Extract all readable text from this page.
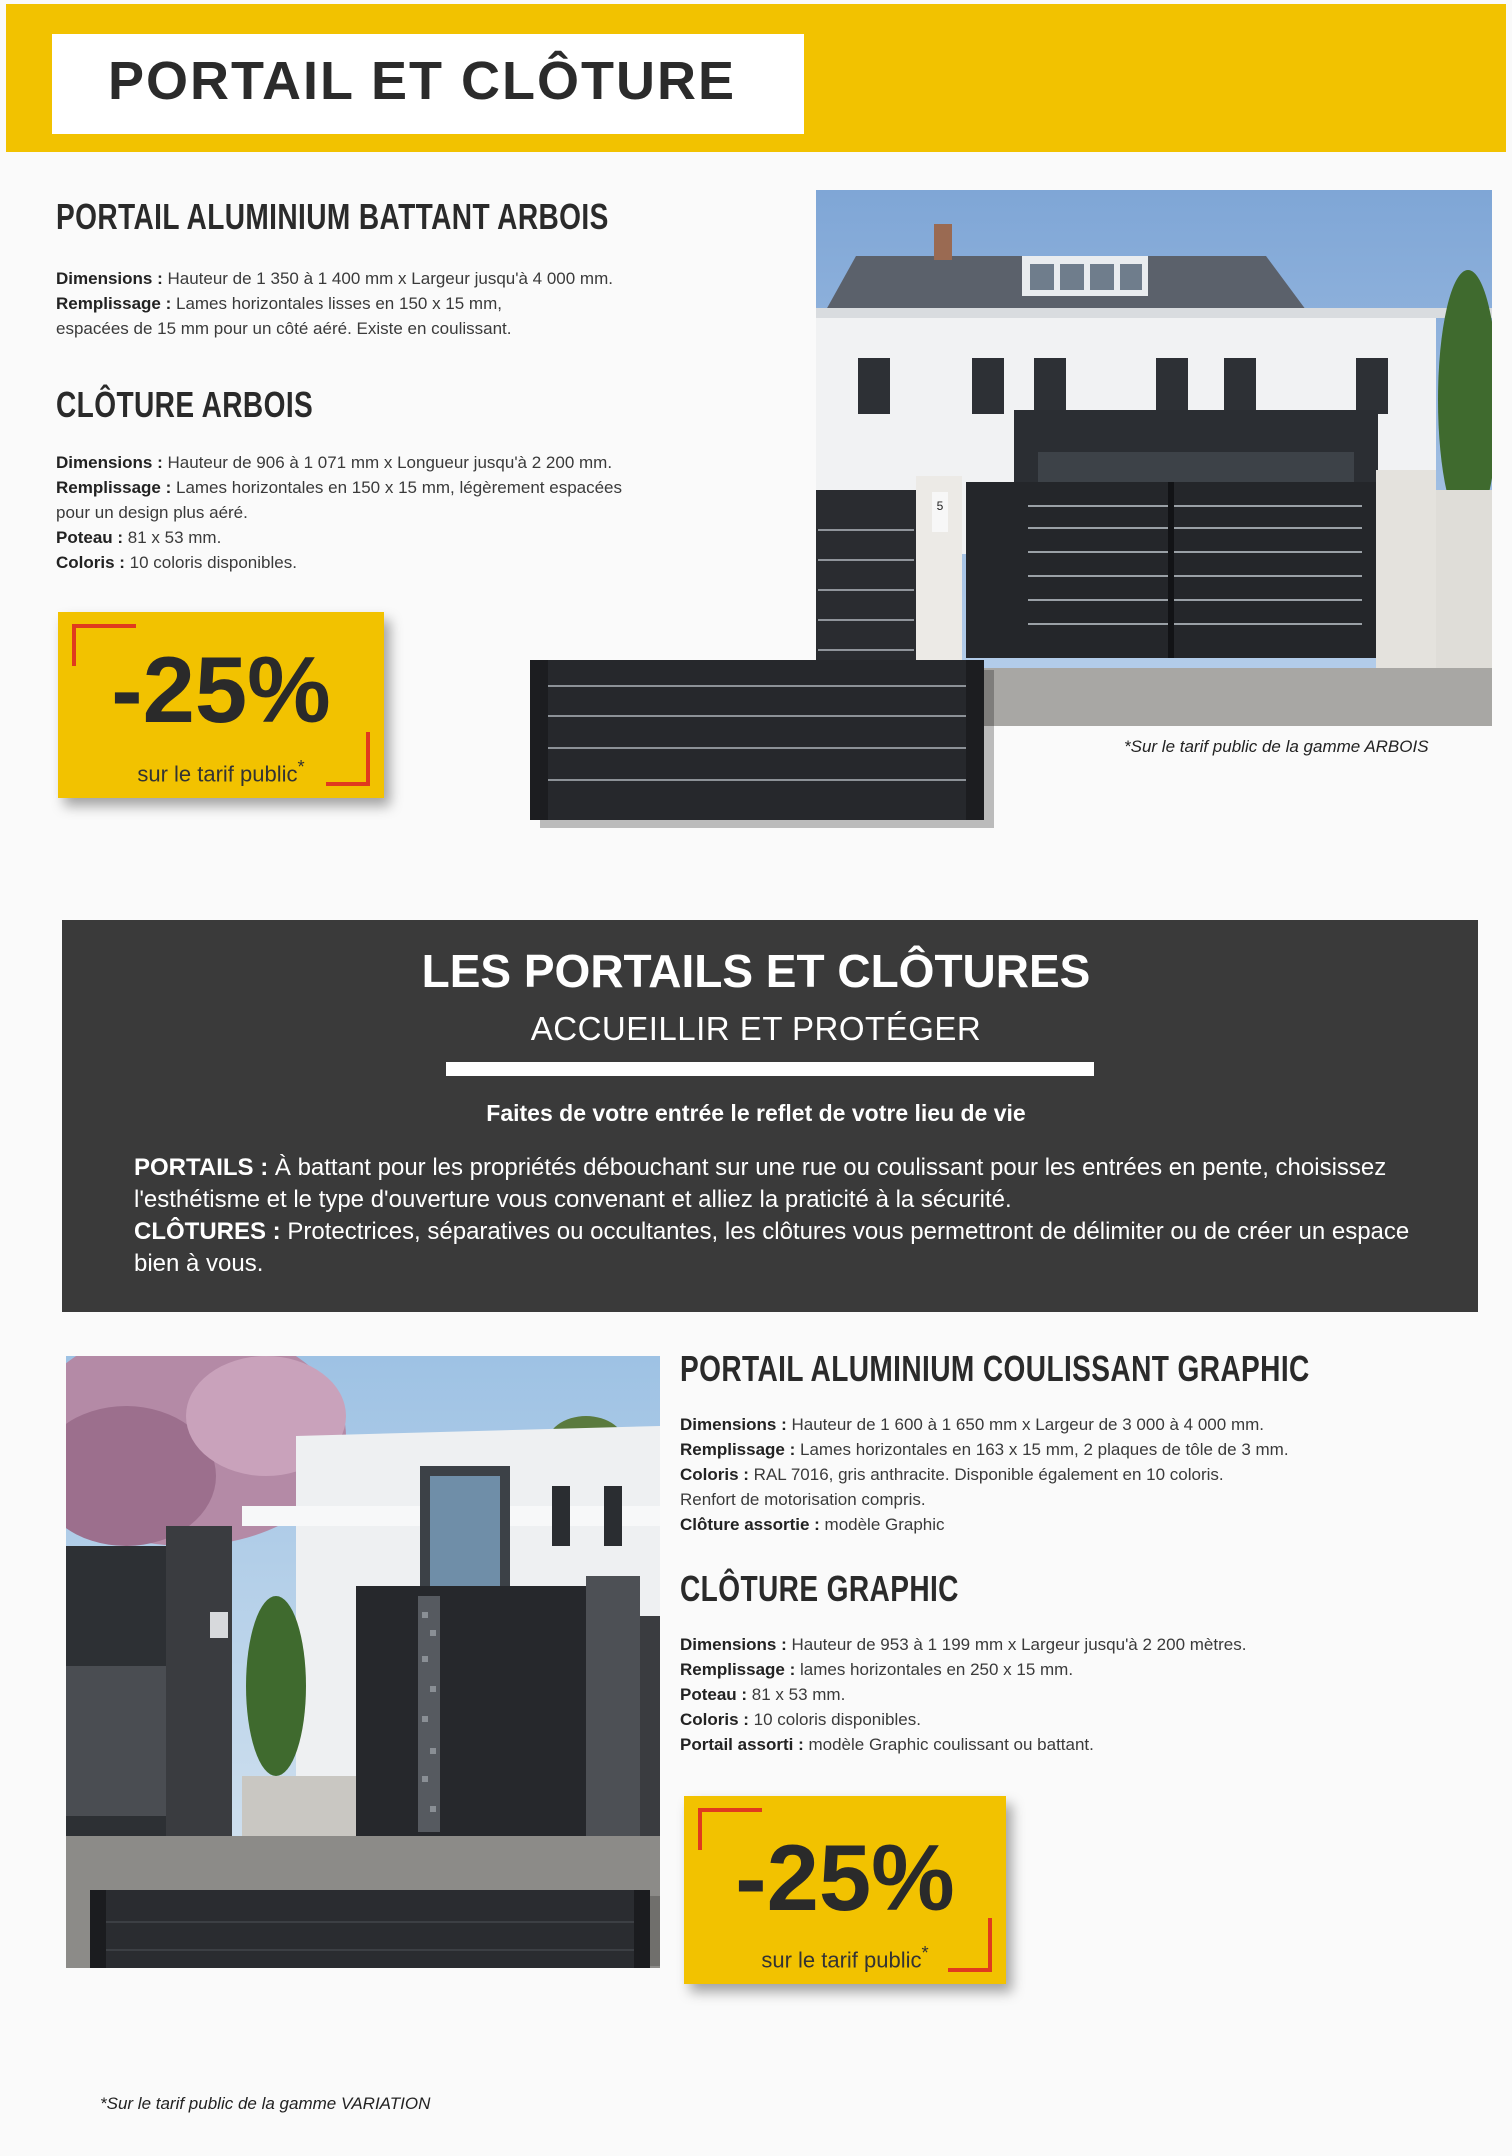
PORTAIL ET CLÔTURE
PORTAIL ALUMINIUM BATTANT ARBOIS
Dimensions : Hauteur de 1 350 à 1 400 mm x Largeur jusqu'à 4 000 mm.
Remplissage : Lames horizontales lisses en 150 x 15 mm,
espacées de 15 mm pour un côté aéré. Existe en coulissant.
CLÔTURE ARBOIS
Dimensions : Hauteur de 906 à 1 071 mm x Longueur jusqu'à 2 200 mm.
Remplissage : Lames horizontales en 150 x 15 mm, légèrement espacées
pour un design plus aéré.
Poteau : 81 x 53 mm.
Coloris : 10 coloris disponibles.
-25%
sur le tarif public*
5
*Sur le tarif public de la gamme ARBOIS
LES PORTAILS ET CLÔTURES
ACCUEILLIR ET PROTÉGER
Faites de votre entrée le reflet de votre lieu de vie
PORTAILS : À battant pour les propriétés débouchant sur une rue ou coulissant pour les entrées en pente, choisissez l'esthétisme et le type d'ouverture vous convenant et alliez la praticité à la sécurité.
CLÔTURES : Protectrices, séparatives ou occultantes, les clôtures vous permettront de délimiter ou de créer un espace bien à vous.
PORTAIL ALUMINIUM COULISSANT GRAPHIC
Dimensions : Hauteur de 1 600 à 1 650 mm x Largeur de 3 000 à 4 000 mm.
Remplissage : Lames horizontales en 163 x 15 mm, 2 plaques de tôle de 3 mm.
Coloris : RAL 7016, gris anthracite. Disponible également en 10 coloris.
Renfort de motorisation compris.
Clôture assortie : modèle Graphic
CLÔTURE GRAPHIC
Dimensions : Hauteur de 953 à 1 199 mm x Largeur jusqu'à 2 200 mètres.
Remplissage : lames horizontales en 250 x 15 mm.
Poteau : 81 x 53 mm.
Coloris : 10 coloris disponibles.
Portail assorti : modèle Graphic coulissant ou battant.
-25%
sur le tarif public*
*Sur le tarif public de la gamme VARIATION
